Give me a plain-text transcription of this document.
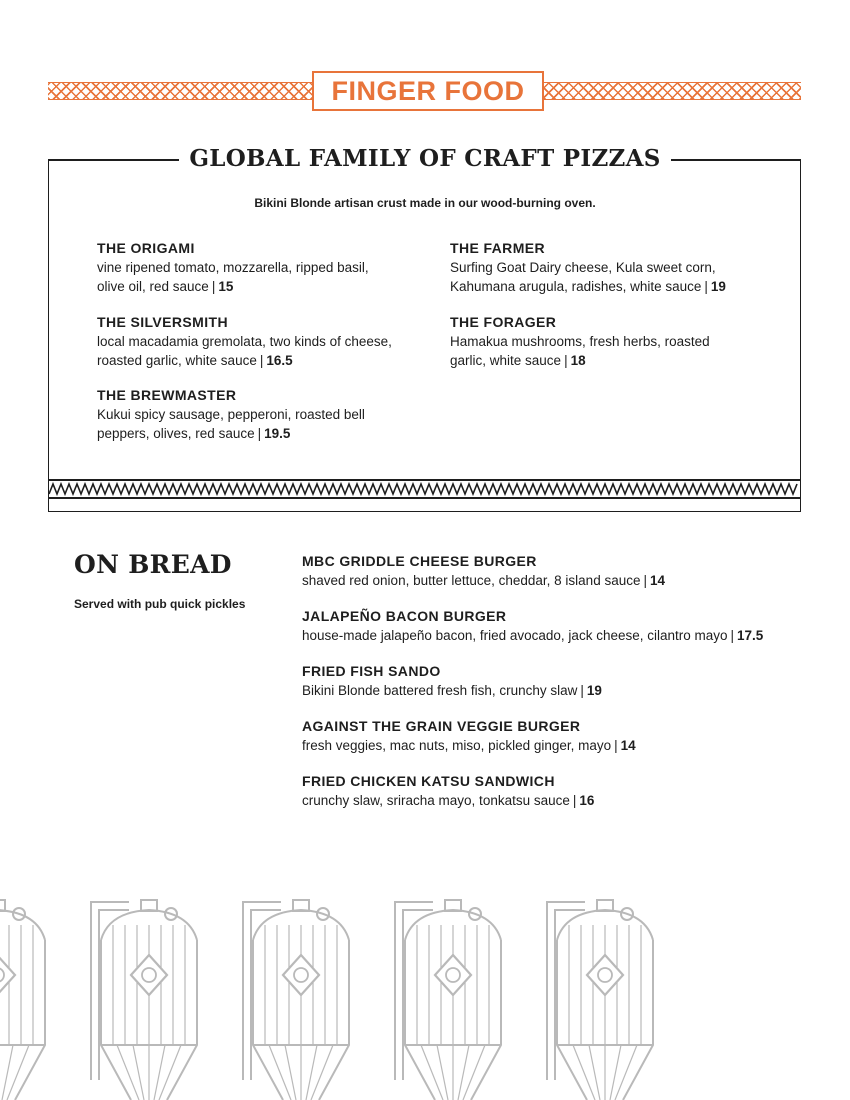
FINGER FOOD
GLOBAL FAMILY OF CRAFT PIZZAS
Bikini Blonde artisan crust made in our wood-burning oven.
THE ORIGAMI
vine ripened tomato, mozzarella, ripped basil,
olive oil, red sauce | 15
THE SILVERSMITH
local macadamia gremolata, two kinds of cheese,
roasted garlic, white sauce | 16.5
THE BREWMASTER
Kukui spicy sausage, pepperoni, roasted bell
peppers, olives, red sauce | 19.5
THE FARMER
Surfing Goat Dairy cheese, Kula sweet corn,
Kahumana arugula, radishes, white sauce | 19
THE FORAGER
Hamakua mushrooms, fresh herbs, roasted
garlic, white sauce | 18
ON BREAD
Served with pub quick pickles
MBC GRIDDLE CHEESE BURGER
shaved red onion, butter lettuce, cheddar, 8 island sauce | 14
JALAPEÑO BACON BURGER
house-made jalapeño bacon, fried avocado, jack cheese, cilantro mayo | 17.5
FRIED FISH SANDO
Bikini Blonde battered fresh fish, crunchy slaw | 19
AGAINST THE GRAIN VEGGIE BURGER
fresh veggies, mac nuts, miso, pickled ginger, mayo | 14
FRIED CHICKEN KATSU SANDWICH
crunchy slaw, sriracha mayo, tonkatsu sauce | 16
